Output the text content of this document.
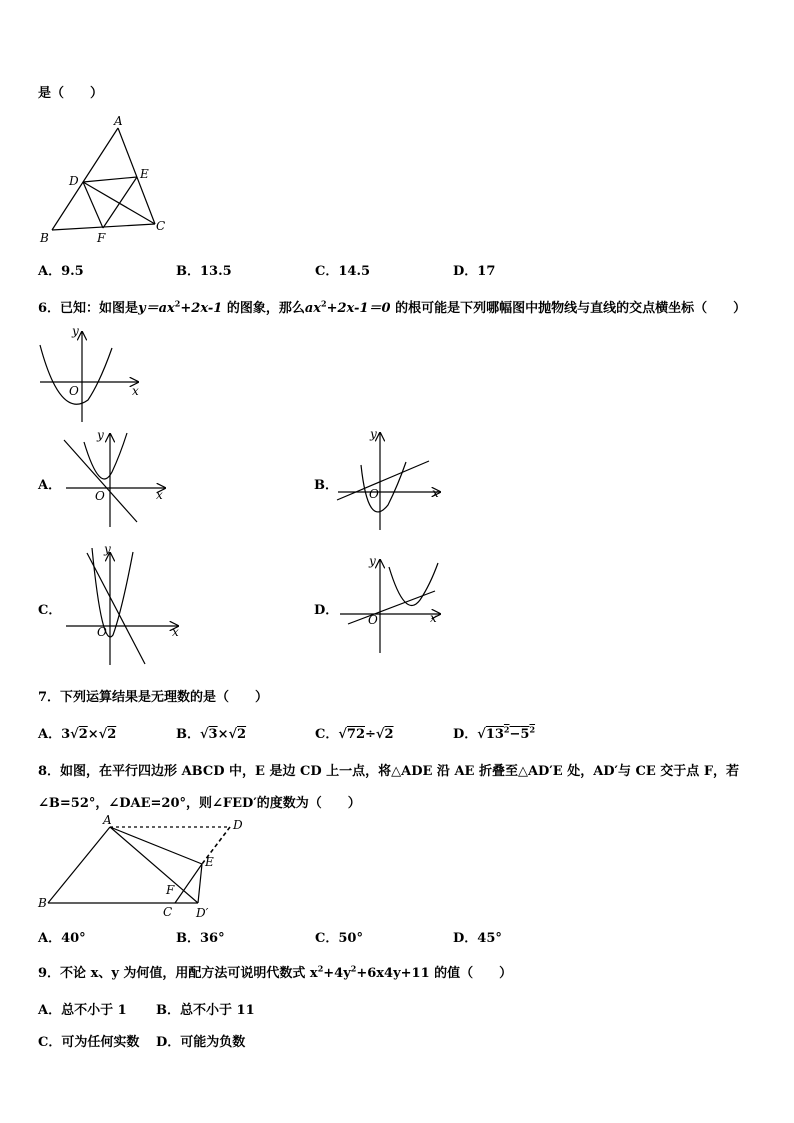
是（　　）
A
D	E
B	F
C
A．9.5	B．13.5	C．14.5	D．17
6．已知：如图是$y=ax^2+2x-1$ 的图象，那么$ax^2+2x-1=0$ 的根可能是下列哪幅图中抛物线与直线的交点横坐标（　　）
y
x
O
y
x
O
y
x
O
y
x
O
y
x
O
A．	B．
C．	D．
7．下列运算结果是无理数的是（　　）
A．3√2×√2	B．√3×√2	C．√72÷√2	D．$√13^2-5^2$
8．如图，在平行四边形 ABCD 中，E 是边 CD 上一点，将△ADE 沿 AE 折叠至△AD′E 处，AD′与 CE 交于点 F，若
∠B=52°，∠DAE=20°，则∠FED′的度数为（　　）
A	D
E
F
B
C D′
A．40°	B．36°	C．50°	D．45°
9．不论 x、y 为何值，用配方法可说明代数式 $x^2+4y^2+6x4y+11$ 的值（　　）
A．总不小于 1 B．总不小于 11
C．可为任何实数 D．可能为负数
